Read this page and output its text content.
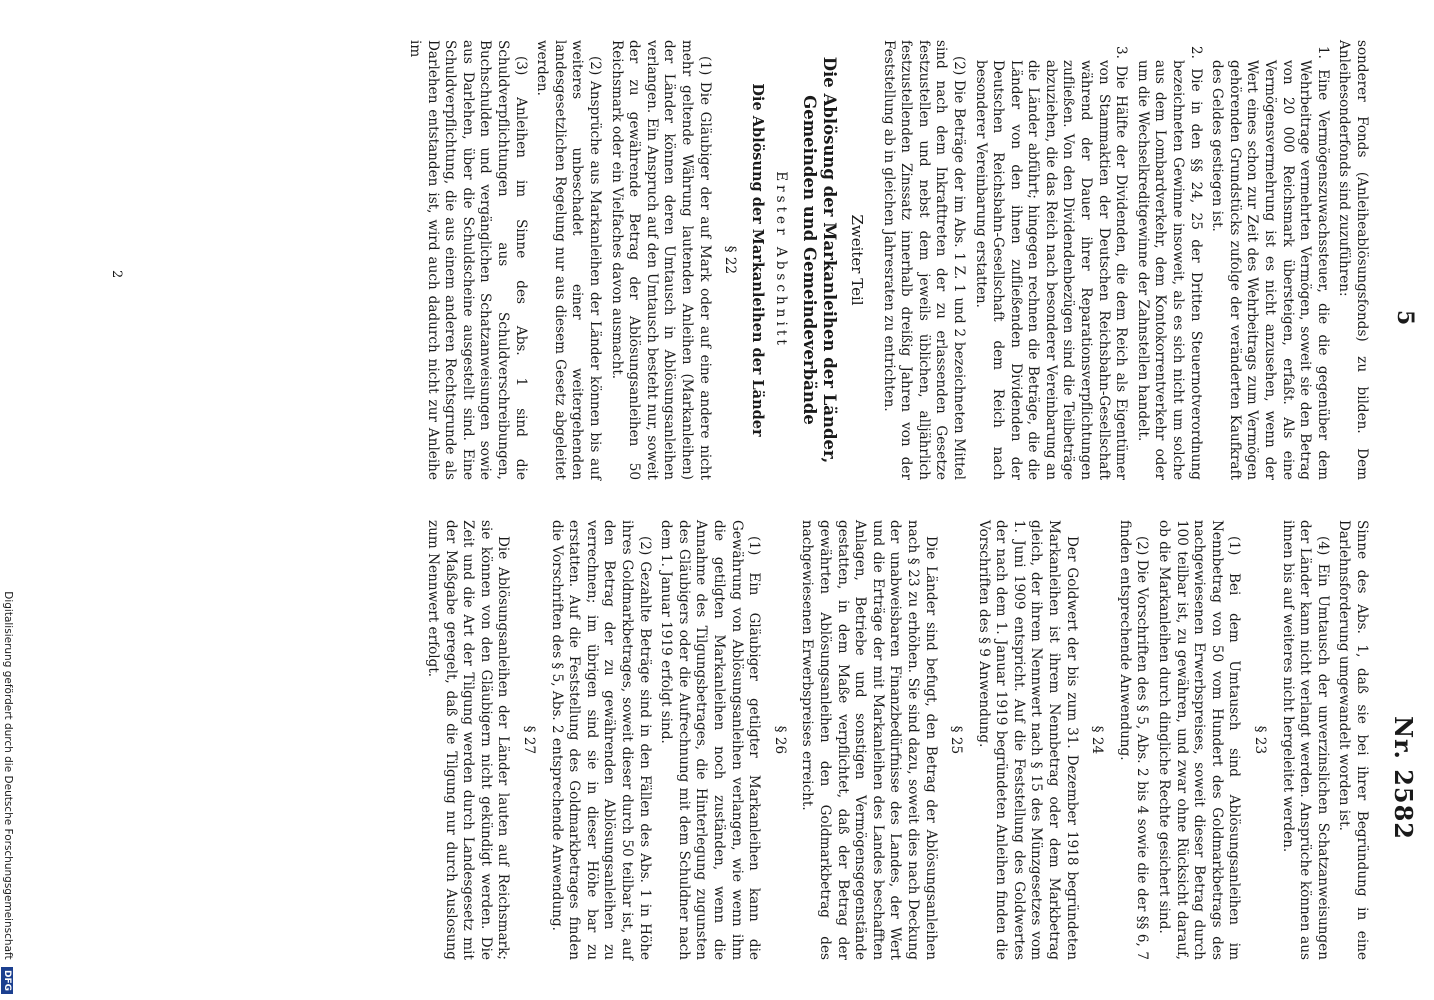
5
Nr. 2582

sonderer Fonds (Anleiheablösungsfonds) zu bilden. Dem Anleihesonderfonds sind zuzuführen:

1. Eine Vermögenszuwachssteuer, die die gegenüber dem Wehrbeitrage vermehrten Vermögen, soweit sie den Betrag von 20 000 Reichsmark übersteigen, erfaßt. Als eine Vermögensvermehrung ist es nicht anzusehen, wenn der Wert eines schon zur Zeit des Wehrbeitrags zum Vermögen gehörenden Grundstücks zufolge der veränderten Kaufkraft des Geldes gestiegen ist.
2. Die in den §§ 24, 25 der Dritten Steuernotverordnung bezeichneten Gewinne insoweit, als es sich nicht um solche aus dem Lombardverkehr, dem Kontokorrentverkehr oder um die Wechselkreditgewinne der Zahnstellen handelt.
3. Die Hälfte der Dividenden, die dem Reich als Eigentümer von Stammaktien der Deutschen Reichsbahn-Gesellschaft während der Dauer ihrer Reparationsverpflichtungen zufließen. Von den Dividendenbezügen sind die Teilbeträge abzuziehen, die das Reich nach besonderer Vereinbarung an die Länder abführt; hingegen rechnen die Beträge, die die Länder von den ihnen zufließenden Dividenden der Deutschen Reichsbahn-Gesellschaft dem Reich nach besonderer Vereinbarung erstatten.

(2) Die Beträge der im Abs. 1 Z. 1 und 2 bezeichneten Mittel sind nach dem Inkrafttreten der zu erlassenden Gesetze festzustellen und nebst dem jeweils üblichen, alljährlich festzustellenden Zinssatz innerhalb dreißig Jahren von der Feststellung ab in gleichen Jahresraten zu entrichten.

Zweiter Teil
Die Ablösung der Markanleihen der Länder, Gemeinden und Gemeindeverbände
Erster Abschnitt
Die Ablösung der Markanleihen der Länder
§ 22

(1) Die Gläubiger der auf Mark oder auf eine andere nicht mehr geltende Währung lautenden Anleihen (Markanleihen) der Länder können deren Umtausch in Ablösungsanleihen verlangen. Ein Anspruch auf den Umtausch besteht nur, soweit der zu gewährende Betrag der Ablösungsanleihen 50 Reichsmark oder ein Vielfaches davon ausmacht.

(2) Ansprüche aus Markanleihen der Länder können bis auf weiteres unbeschadet einer weitergehenden landesgesetzlichen Regelung nur aus diesem Gesetz abgeleitet werden.

(3) Anleihen im Sinne des Abs. 1 sind die Schuldverpflichtungen aus Schuldverschreibungen, Buchschulden und vergänglichen Schatzanweisungen sowie aus Darlehen, über die Schuldscheine ausgestellt sind. Eine Schuldverpflichtung, die aus einem anderen Rechtsgrunde als Darlehen entstanden ist, wird auch dadurch nicht zur Anleihe im

Sinne des Abs. 1, daß sie bei ihrer Begründung in eine Darlehnsforderung umgewandelt worden ist.

(4) Ein Umtausch der unverzinslichen Schatzanweisungen der Länder kann nicht verlangt werden. Ansprüche können aus ihnen bis auf weiteres nicht hergeleitet werden.

§ 23

(1) Bei dem Umtausch sind Ablösungsanleihen im Nennbetrag von 50 vom Hundert des Goldmarkbetrags des nachgewiesenen Erwerbspreises, soweit dieser Betrag durch 100 teilbar ist, zu gewähren, und zwar ohne Rücksicht darauf, ob die Markanleihen durch dingliche Rechte gesichert sind.

(2) Die Vorschriften des § 5, Abs. 2 bis 4 sowie die der §§ 6, 7 finden entsprechende Anwendung.

§ 24

Der Goldwert der bis zum 31. Dezember 1918 begründeten Markanleihen ist ihrem Nennbetrag oder dem Markbetrag gleich, der ihrem Nennwert nach § 15 des Münzgesetzes vom 1. Juni 1909 entspricht. Auf die Feststellung des Goldwertes der nach dem 1. Januar 1919 begründeten Anleihen finden die Vorschriften des § 9 Anwendung.

§ 25

Die Länder sind befugt, den Betrag der Ablösungsanleihen nach § 23 zu erhöhen. Sie sind dazu, soweit dies nach Deckung der unabweisbaren Finanzbedürfnisse des Landes, der Wert und die Erträge der mit Markanleihen des Landes beschafften Anlagen, Betriebe und sonstigen Vermögensgegenstände gestatten, in dem Maße verpflichtet, daß der Betrag der gewährten Ablösungsanleihen den Goldmarkbetrag des nachgewiesenen Erwerbspreises erreicht.

§ 26

(1) Ein Gläubiger getilgter Markanleihen kann die Gewährung von Ablösungsanleihen verlangen, wie wenn ihm die getilgten Markanleihen noch zuständen, wenn die Annahme des Tilgungsbetrages, die Hinterlegung zugunsten des Gläubigers oder die Aufrechnung mit dem Schuldner nach dem 1. Januar 1919 erfolgt sind.

(2) Gezahlte Beträge sind in den Fällen des Abs. 1 in Höhe ihres Goldmarkbetrages, soweit dieser durch 50 teilbar ist, auf den Betrag der zu gewährenden Ablösungsanleihen zu verrechnen; im übrigen sind sie in dieser Höhe bar zu erstatten. Auf die Feststellung des Goldmarkbetrages finden die Vorschriften des § 5, Abs. 2 entsprechende Anwendung.

§ 27

Die Ablösungsanleihen der Länder lauten auf Reichsmark; sie können von den Gläubigern nicht gekündigt werden. Die Zeit und die Art der Tilgung werden durch Landesgesetz mit der Maßgabe geregelt, daß die Tilgung nur durch Auslosung zum Nennwert erfolgt.

2
Digitalisierung gefördert durch die Deutsche Forschungsgemeinschaft DFG
